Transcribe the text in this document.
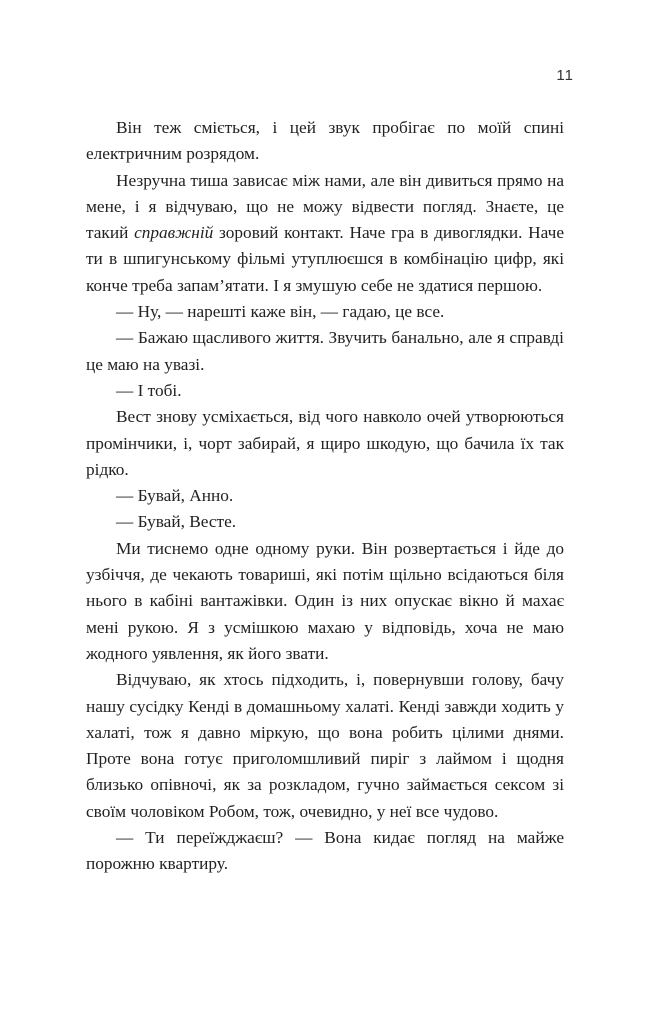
11

Він теж сміється, і цей звук пробігає по моїй спині електричним розрядом.

Незручна тиша зависає між нами, але він дивиться прямо на мене, і я відчуваю, що не можу відвести погляд. Знаєте, це такий справжній зоровий контакт. Наче гра в дивоглядки. Наче ти в шпигунському фільмі утуплюєшся в комбінацію цифр, які конче треба запам’ятати. І я змушую себе не здатися першою.

— Ну, — нарешті каже він, — гадаю, це все.

— Бажаю щасливого життя. Звучить банально, але я справді це маю на увазі.

— І тобі.

Вест знову усміхається, від чого навколо очей утворюються промінчики, і, чорт забирай, я щиро шкодую, що бачила їх так рідко.

— Бувай, Анно.

— Бувай, Весте.

Ми тиснемо одне одному руки. Він розвертається і йде до узбіччя, де чекають товариші, які потім щільно всідаються біля нього в кабіні вантажівки. Один із них опускає вікно й махає мені рукою. Я з усмішкою махаю у відповідь, хоча не маю жодного уявлення, як його звати.

Відчуваю, як хтось підходить, і, повернувши голову, бачу нашу сусідку Кенді в домашньому халаті. Кенді завжди ходить у халаті, тож я давно міркую, що вона робить цілими днями. Проте вона готує приголомшливий пиріг з лаймом і щодня близько опівночі, як за розкладом, гучно займається сексом зі своїм чоловіком Робом, тож, очевидно, у неї все чудово.

— Ти переїжджаєш? — Вона кидає погляд на майже порожню квартиру.
